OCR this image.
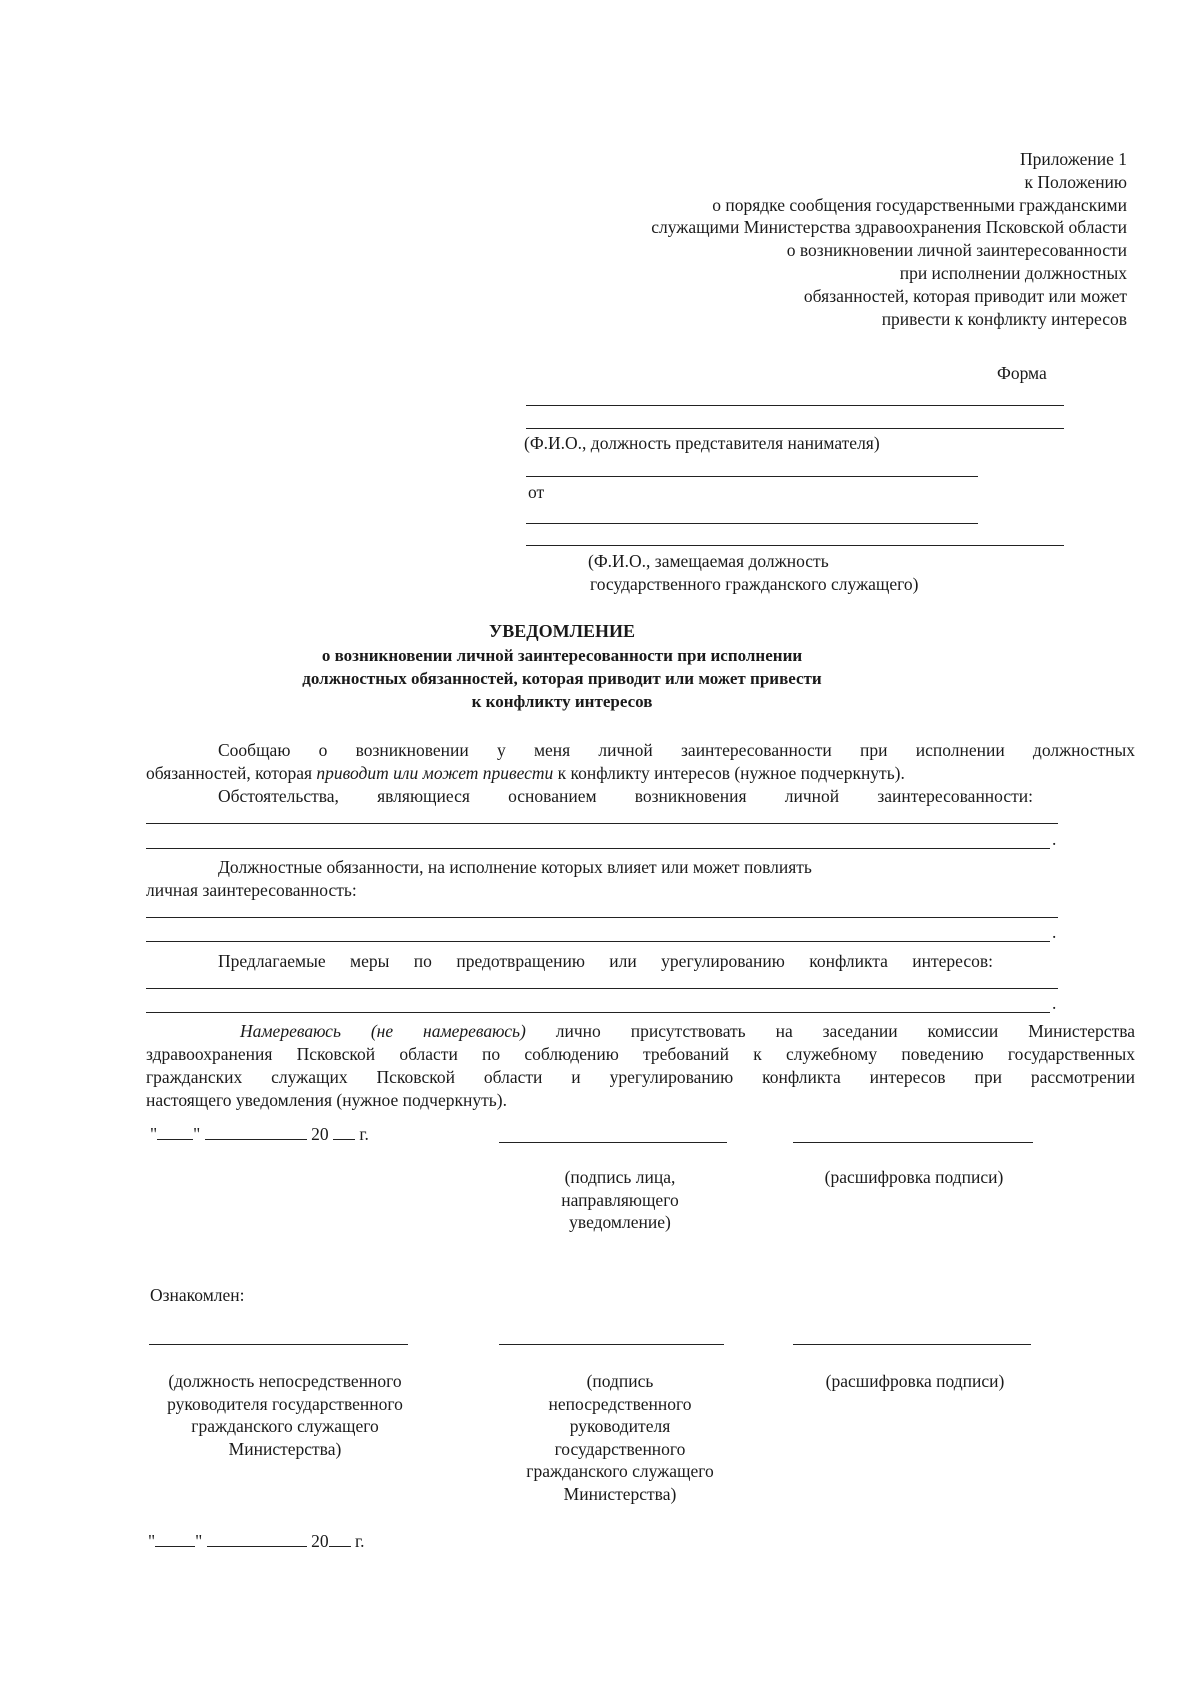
Приложение 1
к Положению
о порядке сообщения государственными гражданскими
служащими Министерства здравоохранения Псковской области
о возникновении личной заинтересованности
при исполнении должностных
обязанностей, которая приводит или может
привести к конфликту интересов
Форма
(Ф.И.О., должность представителя нанимателя)
от
(Ф.И.О., замещаемая должность
государственного гражданского служащего)
УВЕДОМЛЕНИЕ
о возникновении личной заинтересованности при исполнении
должностных обязанностей, которая приводит или может привести
к конфликту интересов
Сообщаю о возникновении у меня личной заинтересованности при исполнении должностных
обязанностей, которая приводит или может привести к конфликту интересов (нужное подчеркнуть).
Обстоятельства, являющиеся основанием возникновения личной заинтересованности:
.
Должностные обязанности, на исполнение которых влияет или может повлиять
личная заинтересованность:
.
Предлагаемые меры по предотвращению или урегулированию конфликта интересов:
.
Намереваюсь (не намереваюсь) лично присутствовать на заседании комиссии Министерства
здравоохранения Псковской области по соблюдению требований к служебному поведению государственных
гражданских служащих Псковской области и урегулированию конфликта интересов при рассмотрении
настоящего уведомления (нужное подчеркнуть).
" "	20 г.
(подпись лица,
направляющего
уведомление)
(расшифровка подписи)
Ознакомлен:
(должность непосредственного
руководителя государственного
гражданского служащего
Министерства)
(подпись
непосредственного
руководителя
государственного
гражданского служащего
Министерства)
(расшифровка подписи)
" "	20 г.
